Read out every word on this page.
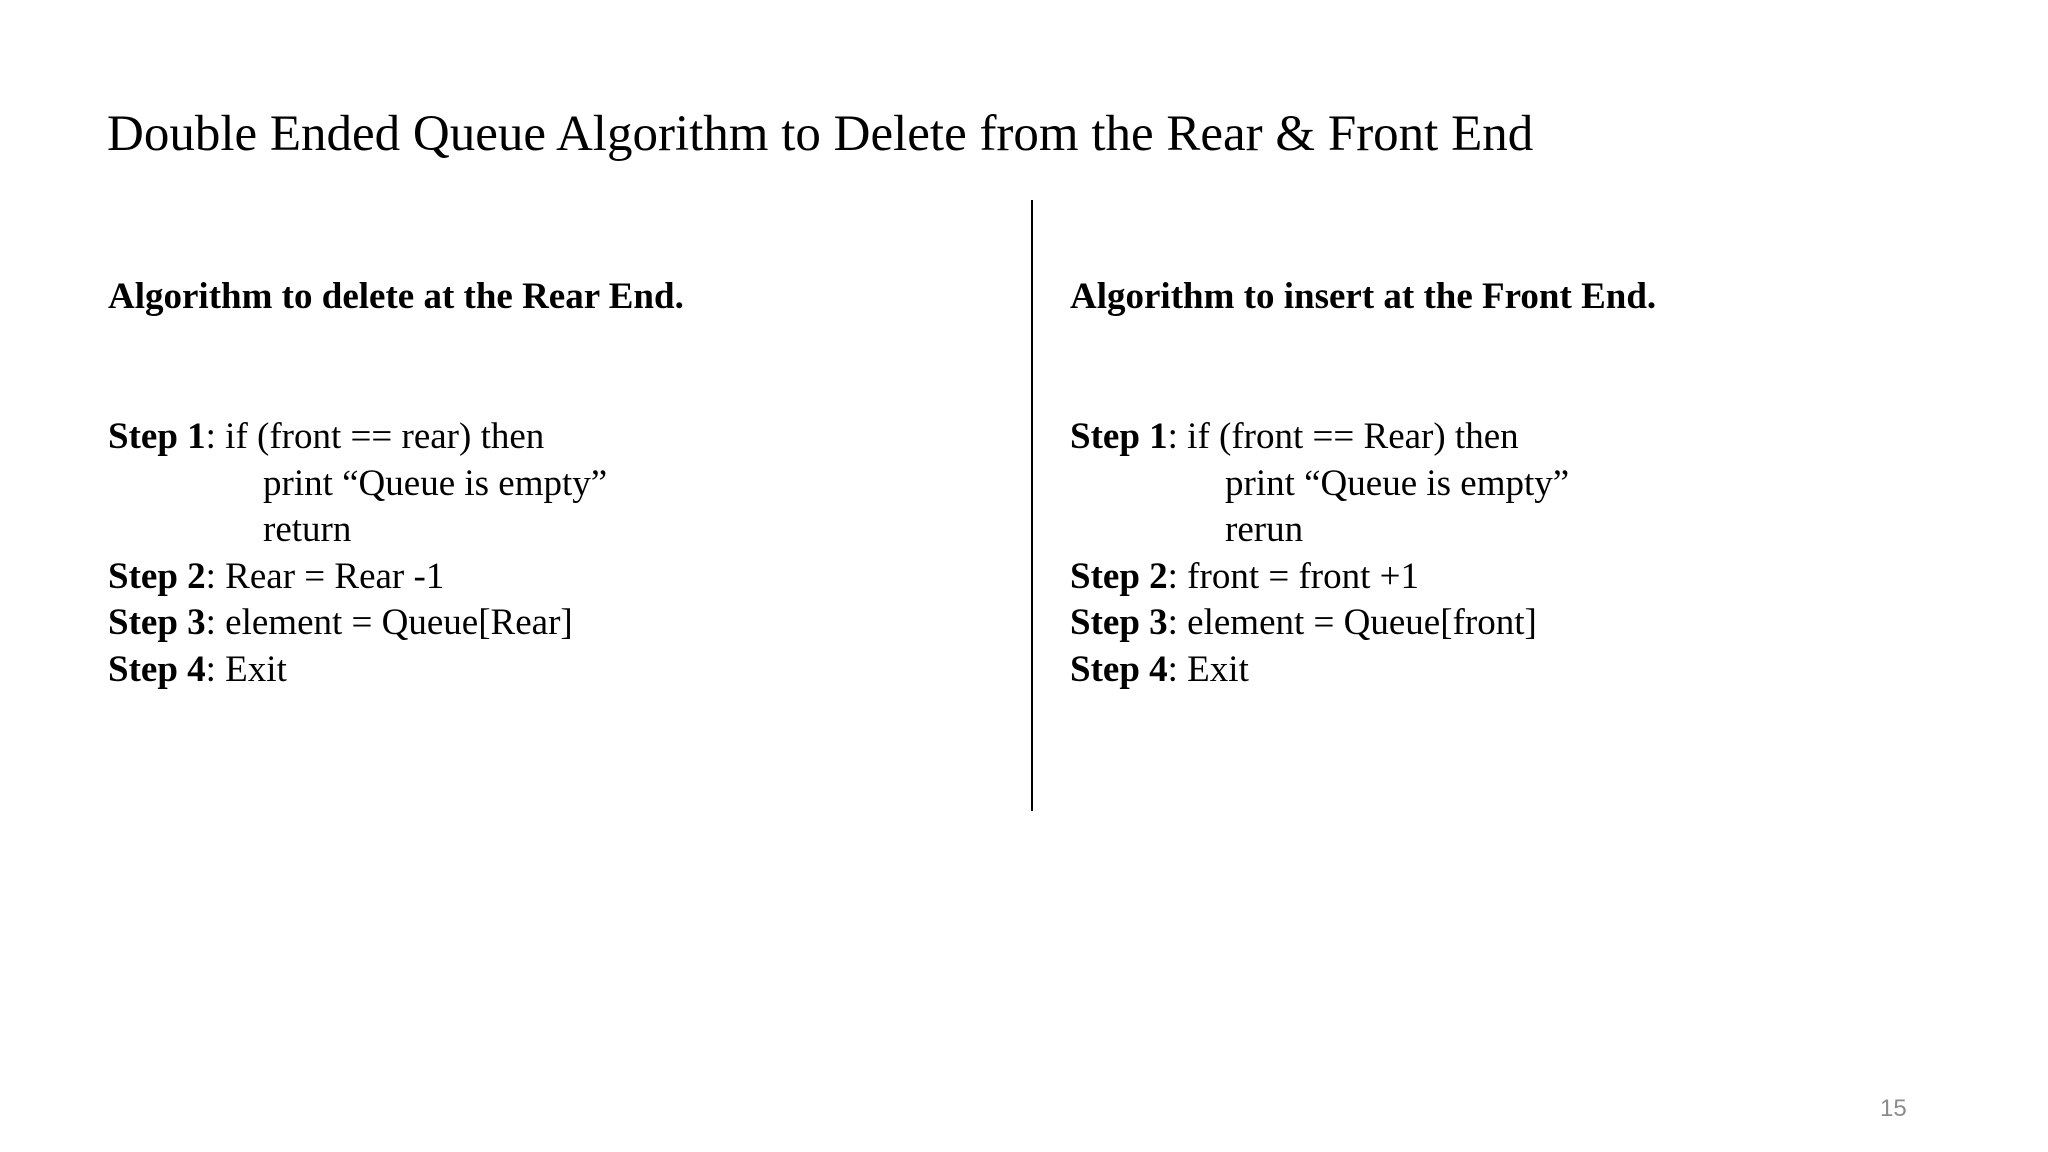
Double Ended Queue Algorithm to Delete from the Rear & Front End

Algorithm to delete at the Rear End.

Step 1: if (front == rear) then
print “Queue is empty”
return
Step 2: Rear = Rear -1
Step 3: element = Queue[Rear]
Step 4: Exit

Algorithm to insert at the Front End.

Step 1: if (front == Rear) then
print “Queue is empty”
rerun
Step 2: front = front +1
Step 3: element = Queue[front]
Step 4: Exit
15
